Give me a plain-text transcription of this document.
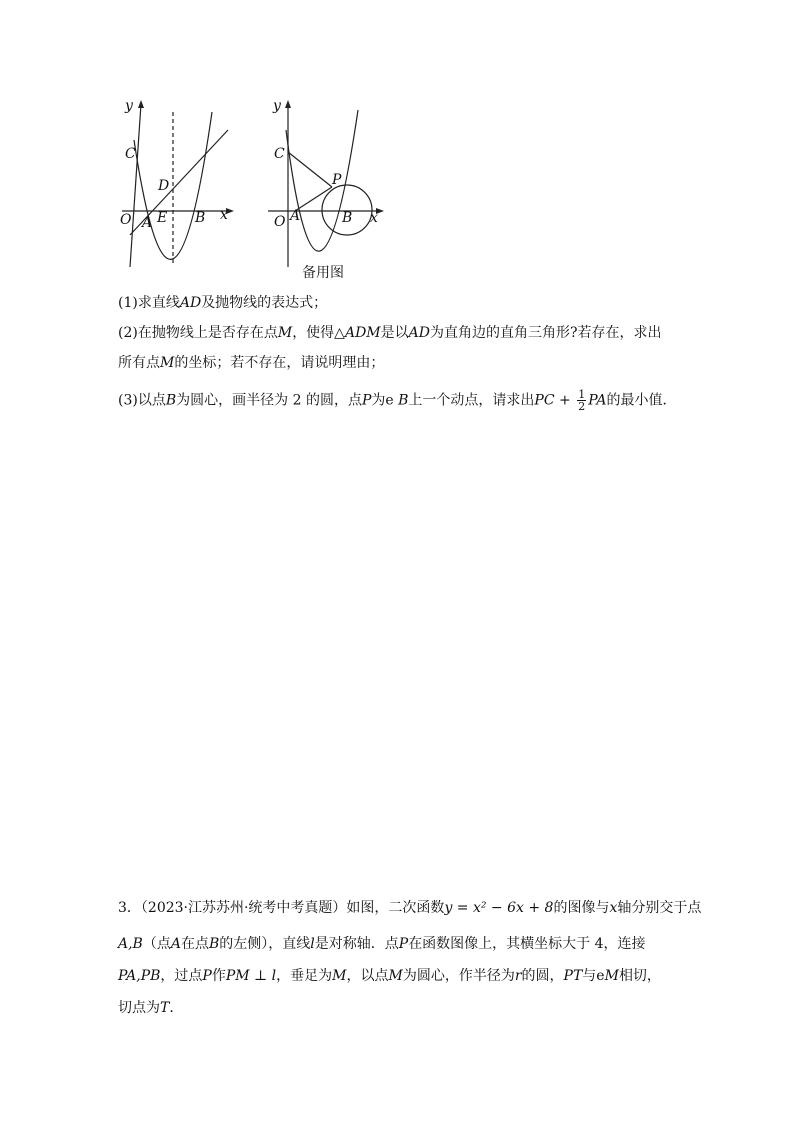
y
x
O
C
D
A E B
y
x
O
C
P
A	B
备用图
(1)求直线AD及抛物线的表达式；
(2)在抛物线上是否存在点M，使得△ADM是以AD为直角边的直角三角形?若存在，求出
所有点M的坐标；若不存在，请说明理由；
(3)以点B为圆心，画半径为 2 的圆，点P为e B上一个动点，请求出PC + $\frac{1}{2}$ PA的最小值．
3．（2023·江苏苏州·统考中考真题）如图，二次函数y = x² − 6x + 8的图像与x轴分别交于点
A,B（点A在点B的左侧），直线l是对称轴．点P在函数图像上，其横坐标大于 4，连接
PA,PB，过点P作PM ⊥ l，垂足为M，以点M为圆心，作半径为r的圆，PT与eM相切，
切点为T．
